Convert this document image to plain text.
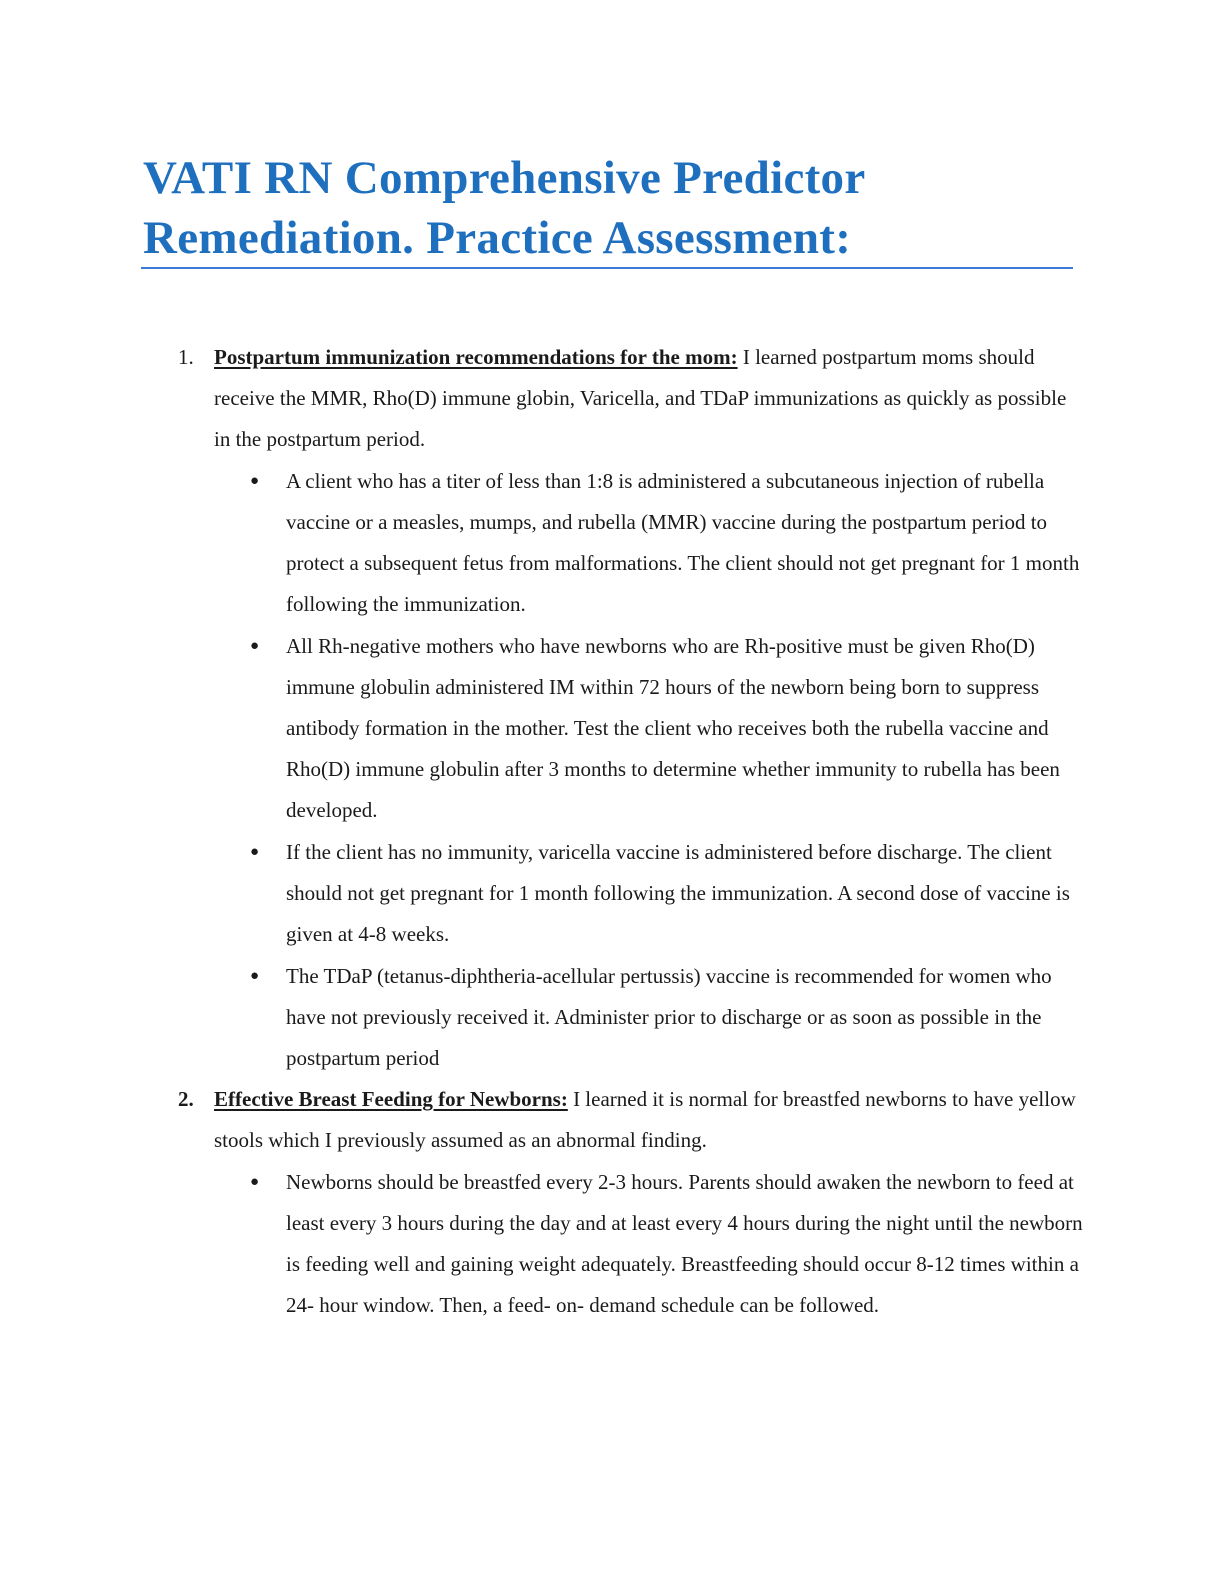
VATI RN Comprehensive Predictor Remediation. Practice Assessment:
1. Postpartum immunization recommendations for the mom: I learned postpartum moms should receive the MMR, Rho(D) immune globin, Varicella, and TDaP immunizations as quickly as possible in the postpartum period.
● A client who has a titer of less than 1:8 is administered a subcutaneous injection of rubella vaccine or a measles, mumps, and rubella (MMR) vaccine during the postpartum period to protect a subsequent fetus from malformations. The client should not get pregnant for 1 month following the immunization.
● All Rh-negative mothers who have newborns who are Rh-positive must be given Rho(D) immune globulin administered IM within 72 hours of the newborn being born to suppress antibody formation in the mother. Test the client who receives both the rubella vaccine and Rho(D) immune globulin after 3 months to determine whether immunity to rubella has been developed.
● If the client has no immunity, varicella vaccine is administered before discharge. The client should not get pregnant for 1 month following the immunization. A second dose of vaccine is given at 4-8 weeks.
● The TDaP (tetanus-diphtheria-acellular pertussis) vaccine is recommended for women who have not previously received it. Administer prior to discharge or as soon as possible in the postpartum period
2. Effective Breast Feeding for Newborns: I learned it is normal for breastfed newborns to have yellow stools which I previously assumed as an abnormal finding.
● Newborns should be breastfed every 2-3 hours. Parents should awaken the newborn to feed at least every 3 hours during the day and at least every 4 hours during the night until the newborn is feeding well and gaining weight adequately. Breastfeeding should occur 8-12 times within a 24- hour window. Then, a feed- on- demand schedule can be followed.
